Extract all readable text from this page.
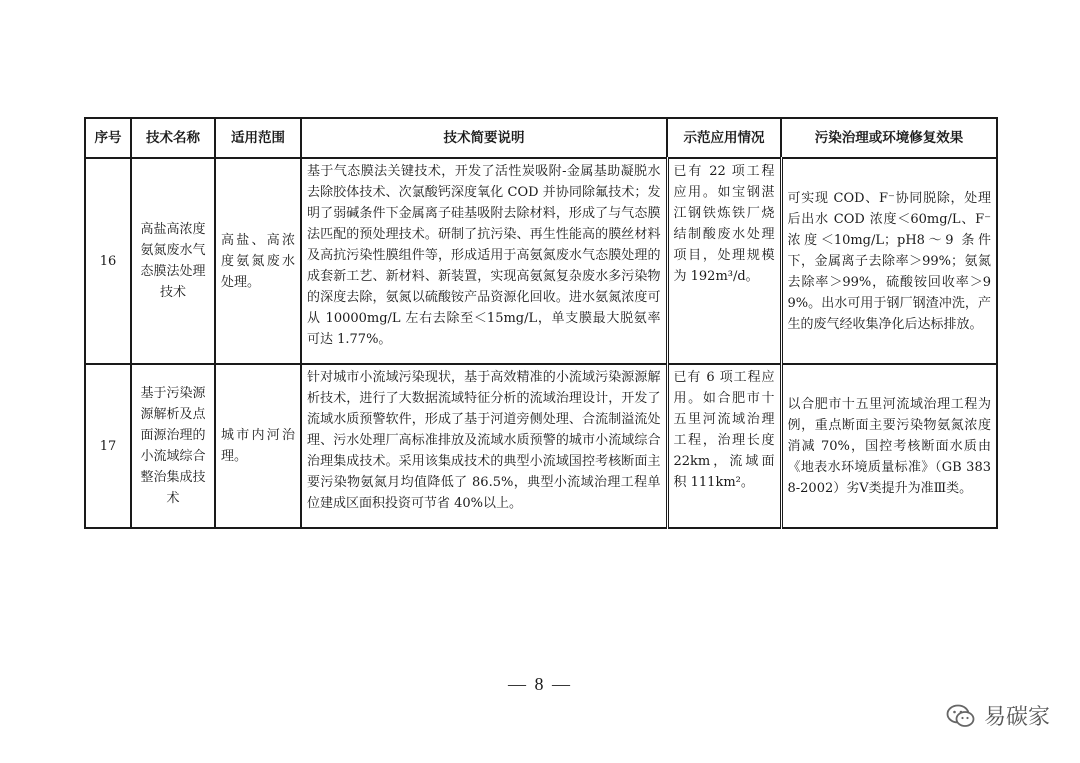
序号	技术名称	适用范围	技术简要说明	示范应用情况	污染治理或环境修复效果
16	高盐高浓度氨氮废水气态膜法处理技术	高盐、高浓度氨氮废水处理。	基于气态膜法关键技术，开发了活性炭吸附-金属基助凝脱水去除胶体技术、次氯酸钙深度氧化 COD 并协同除氟技术；发明了弱碱条件下金属离子硅基吸附去除材料，形成了与气态膜法匹配的预处理技术。研制了抗污染、再生性能高的膜丝材料及高抗污染性膜组件等，形成适用于高氨氮废水气态膜处理的成套新工艺、新材料、新装置，实现高氨氮复杂废水多污染物的深度去除，氨氮以硫酸铵产品资源化回收。进水氨氮浓度可从 10000mg/L 左右去除至＜15mg/L，单支膜最大脱氨率可达 1.77%。	已有 22 项工程应用。如宝钢湛江钢铁炼铁厂烧结制酸废水处理项目，处理规模为 192m³/d。	可实现 COD、F⁻协同脱除，处理后出水 COD 浓度＜60mg/L、F⁻浓度＜10mg/L；pH8～9 条件下，金属离子去除率＞99%；氨氮去除率＞99%，硫酸铵回收率＞99%。出水可用于钢厂钢渣冲洗，产生的废气经收集净化后达标排放。
17	基于污染源源解析及点面源治理的小流域综合整治集成技术	城市内河治理。	针对城市小流域污染现状，基于高效精准的小流域污染源源解析技术，进行了大数据流域特征分析的流域治理设计，开发了流域水质预警软件，形成了基于河道旁侧处理、合流制溢流处理、污水处理厂高标准排放及流域水质预警的城市小流域综合治理集成技术。采用该集成技术的典型小流域国控考核断面主要污染物氨氮月均值降低了 86.5%，典型小流域治理工程单位建成区面积投资可节省 40%以上。	已有 6 项工程应用。如合肥市十五里河流域治理工程，治理长度 22km，流域面积 111km²。	以合肥市十五里河流域治理工程为例，重点断面主要污染物氨氮浓度消减 70%，国控考核断面水质由《地表水环境质量标准》（GB 3838-2002）劣Ⅴ类提升为准Ⅲ类。
— 8 —
易碳家
